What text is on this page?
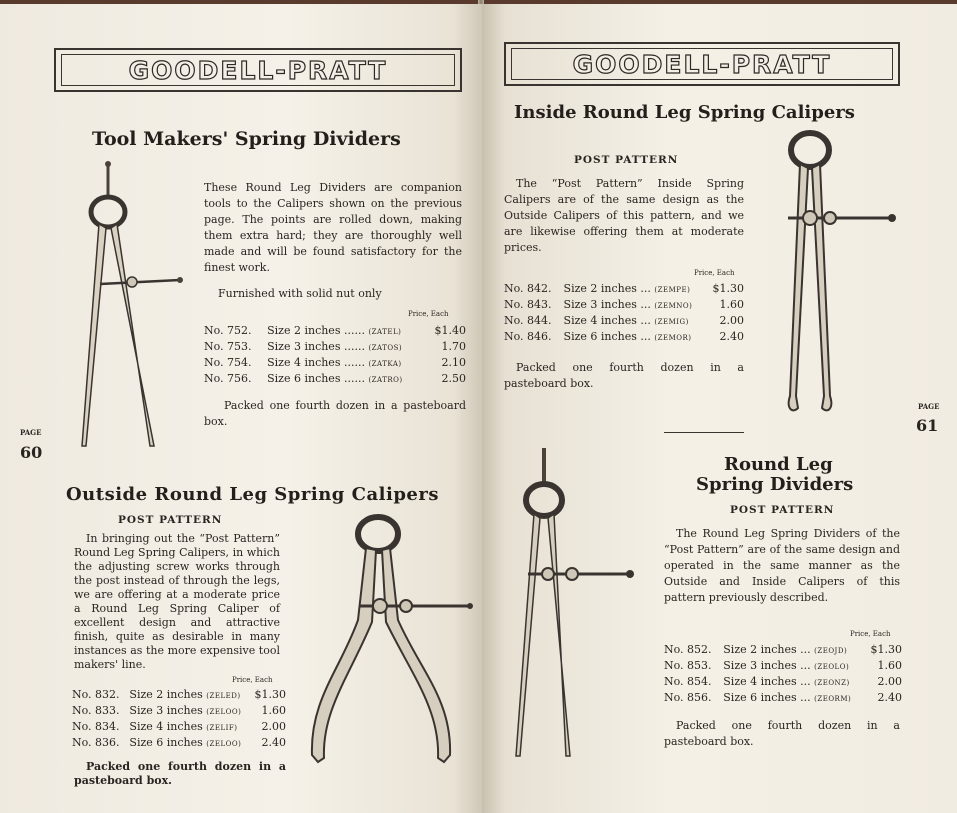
GOODELL-PRATT
Tool Makers' Spring Dividers

These Round Leg Dividers are companion tools to the Calipers shown on the previous page. The points are rolled down, making them extra hard; they are thoroughly well made and will be found satisfactory for the finest work.

Furnished with solid nut only
Price, Each
No. 752.	Size 2 inches ...... (ZATEL)	$1.40
No. 753.	Size 3 inches ...... (ZATOS)	1.70
No. 754.	Size 4 inches ...... (ZATKA)	2.10
No. 756.	Size 6 inches ...... (ZATRO)	2.50

Packed one fourth dozen in a pasteboard box.

PAGE
60
Outside Round Leg Spring Calipers
POST PATTERN

In bringing out the “Post Pattern” Round Leg Spring Calipers, in which the adjusting screw works through the post instead of through the legs, we are offering at a moderate price a Round Leg Spring Caliper of excellent design and attractive finish, quite as desirable in many instances as the more expensive tool makers' line.

Price, Each
No. 832.	Size 2 inches (ZELED)	$1.30
No. 833.	Size 3 inches (ZELOO)	1.60
No. 834.	Size 4 inches (ZELIF)	2.00
No. 836.	Size 6 inches (ZELOO)	2.40

Packed one fourth dozen in a pasteboard box.

GOODELL-PRATT
Inside Round Leg Spring Calipers
POST PATTERN

The “Post Pattern” Inside Spring Calipers are of the same design as the Outside Calipers of this pattern, and we are likewise offering them at moderate prices.

Price, Each
No. 842.	Size 2 inches ... (ZEMPE)	$1.30
No. 843.	Size 3 inches ... (ZEMNO)	1.60
No. 844.	Size 4 inches ... (ZEMIG)	2.00
No. 846.	Size 6 inches ... (ZEMOR)	2.40

Packed one fourth dozen in a pasteboard box.

PAGE
61
Round Leg
Spring Dividers
POST PATTERN

The Round Leg Spring Dividers of the “Post Pattern” are of the same design and operated in the same manner as the Outside and Inside Calipers of this pattern previously described.

Price, Each
No. 852.	Size 2 inches ... (ZEOJD)	$1.30
No. 853.	Size 3 inches ... (ZEOLO)	1.60
No. 854.	Size 4 inches ... (ZEONZ)	2.00
No. 856.	Size 6 inches ... (ZEORM)	2.40

Packed one fourth dozen in a pasteboard box.
